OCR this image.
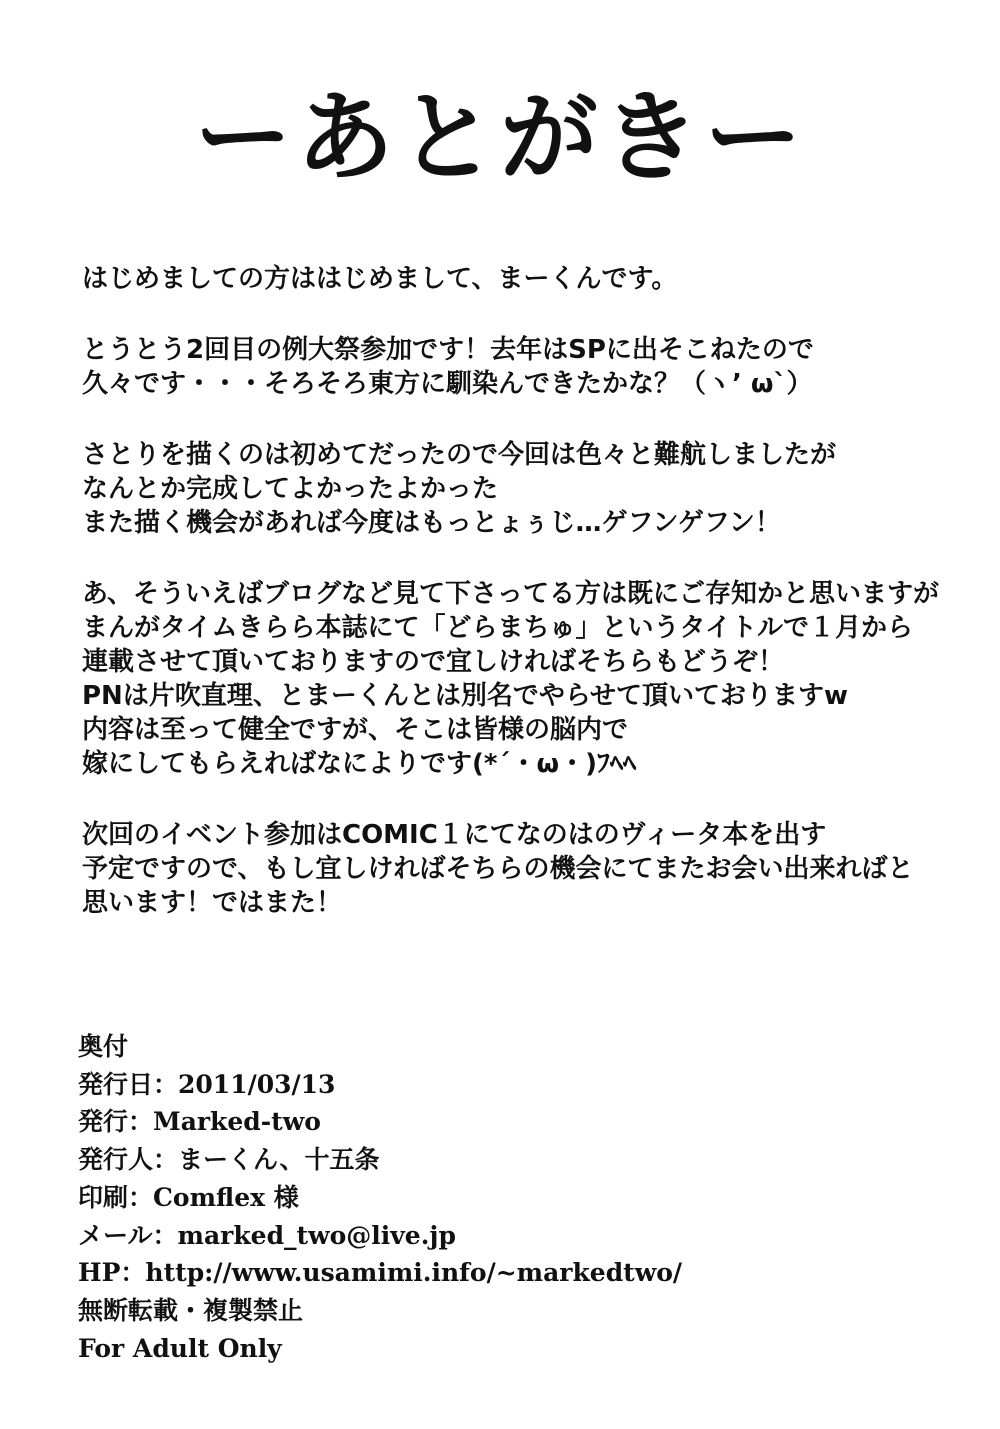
ーあとがきー
はじめましての方ははじめまして、まーくんです。
とうとう2回目の例大祭参加です！去年はSPに出そこねたので
久々です・・・そろそろ東方に馴染んできたかな？（ヽ’ ω`）
さとりを描くのは初めてだったので今回は色々と難航しましたが
なんとか完成してよかったよかった
また描く機会があれば今度はもっとょぅじ…ゲフンゲフン！
あ、そういえばブログなど見て下さってる方は既にご存知かと思いますが
まんがタイムきらら本誌にて「どらまちゅ」というタイトルで１月から
連載させて頂いておりますので宜しければそちらもどうぞ！
PNは片吹直理、とまーくんとは別名でやらせて頂いておりますw
内容は至って健全ですが、そこは皆様の脳内で
嫁にしてもらえればなによりです(*´・ω・)ﾌﾍﾍ
次回のイベント参加はCOMIC１にてなのはのヴィータ本を出す
予定ですので、もし宜しければそちらの機会にてまたお会い出来ればと
思います！ではまた！
奥付
発行日：2011/03/13
発行：Marked-two
発行人：まーくん、十五条
印刷：Comflex 様
メール：marked_two@live.jp
HP：http://www.usamimi.info/~markedtwo/
無断転載・複製禁止
For Adult Only
